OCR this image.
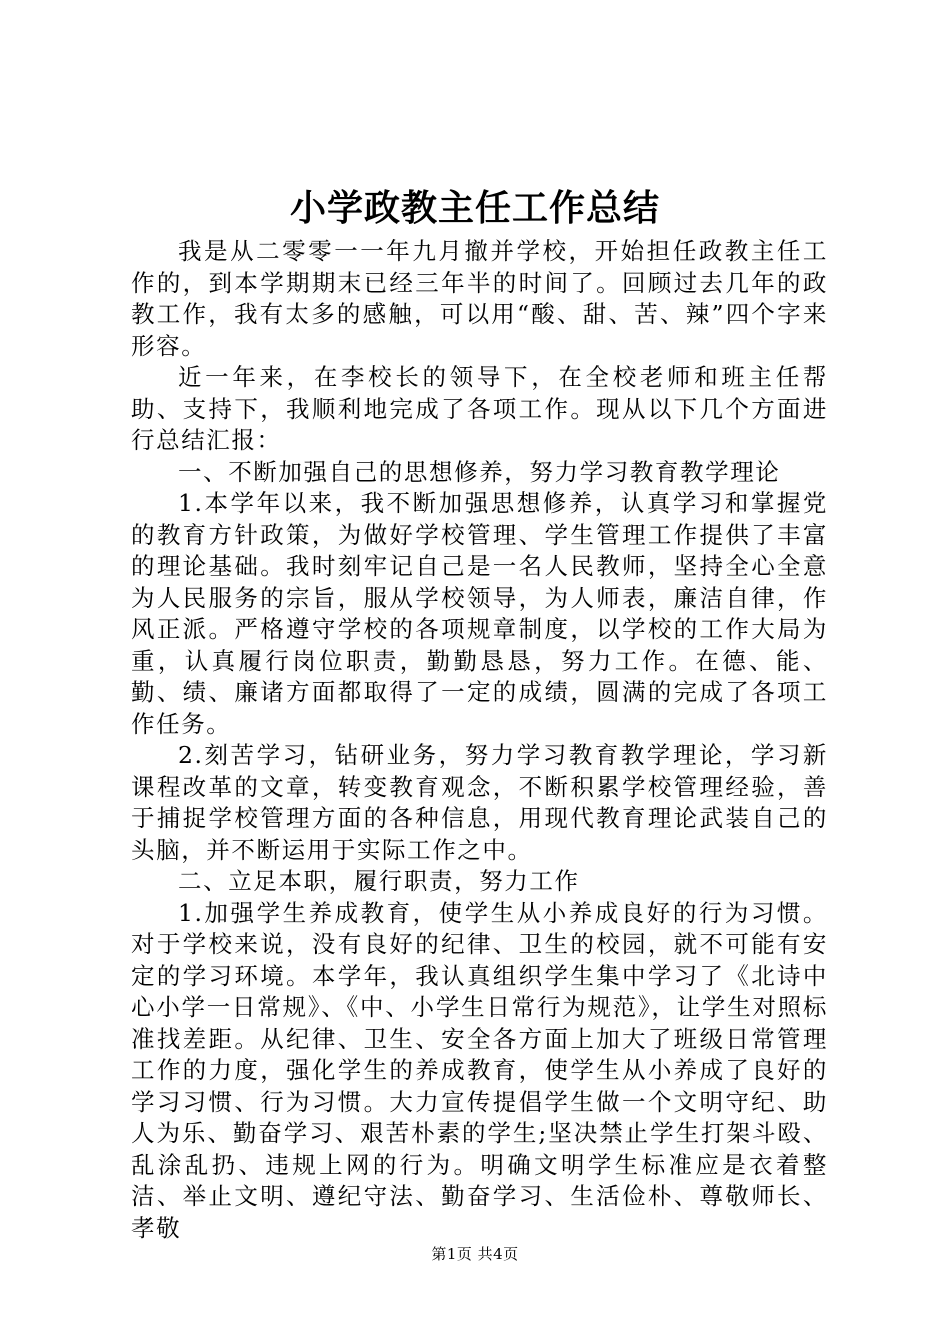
小学政教主任工作总结

我是从二零零一一年九月撤并学校，开始担任政教主任工作的，到本学期期末已经三年半的时间了。回顾过去几年的政教工作，我有太多的感触，可以用“酸、甜、苦、辣”四个字来形容。

近一年来，在李校长的领导下，在全校老师和班主任帮助、支持下，我顺利地完成了各项工作。现从以下几个方面进行总结汇报：

一、不断加强自己的思想修养，努力学习教育教学理论

1.本学年以来，我不断加强思想修养，认真学习和掌握党的教育方针政策，为做好学校管理、学生管理工作提供了丰富的理论基础。我时刻牢记自己是一名人民教师，坚持全心全意为人民服务的宗旨，服从学校领导，为人师表，廉洁自律，作风正派。严格遵守学校的各项规章制度，以学校的工作大局为重，认真履行岗位职责，勤勤恳恳，努力工作。在德、能、勤、绩、廉诸方面都取得了一定的成绩，圆满的完成了各项工作任务。

2.刻苦学习，钻研业务，努力学习教育教学理论，学习新课程改革的文章，转变教育观念，不断积累学校管理经验，善于捕捉学校管理方面的各种信息，用现代教育理论武装自己的头脑，并不断运用于实际工作之中。

二、立足本职，履行职责，努力工作

1.加强学生养成教育，使学生从小养成良好的行为习惯。对于学校来说，没有良好的纪律、卫生的校园，就不可能有安定的学习环境。本学年，我认真组织学生集中学习了《北诗中心小学一日常规》、《中、小学生日常行为规范》，让学生对照标准找差距。从纪律、卫生、安全各方面上加大了班级日常管理工作的力度，强化学生的养成教育，使学生从小养成了良好的学习习惯、行为习惯。大力宣传提倡学生做一个文明守纪、助人为乐、勤奋学习、艰苦朴素的学生;坚决禁止学生打架斗殴、乱涂乱扔、违规上网的行为。明确文明学生标准应是衣着整洁、举止文明、遵纪守法、勤奋学习、生活俭朴、尊敬师长、孝敬

第1页 共4页
